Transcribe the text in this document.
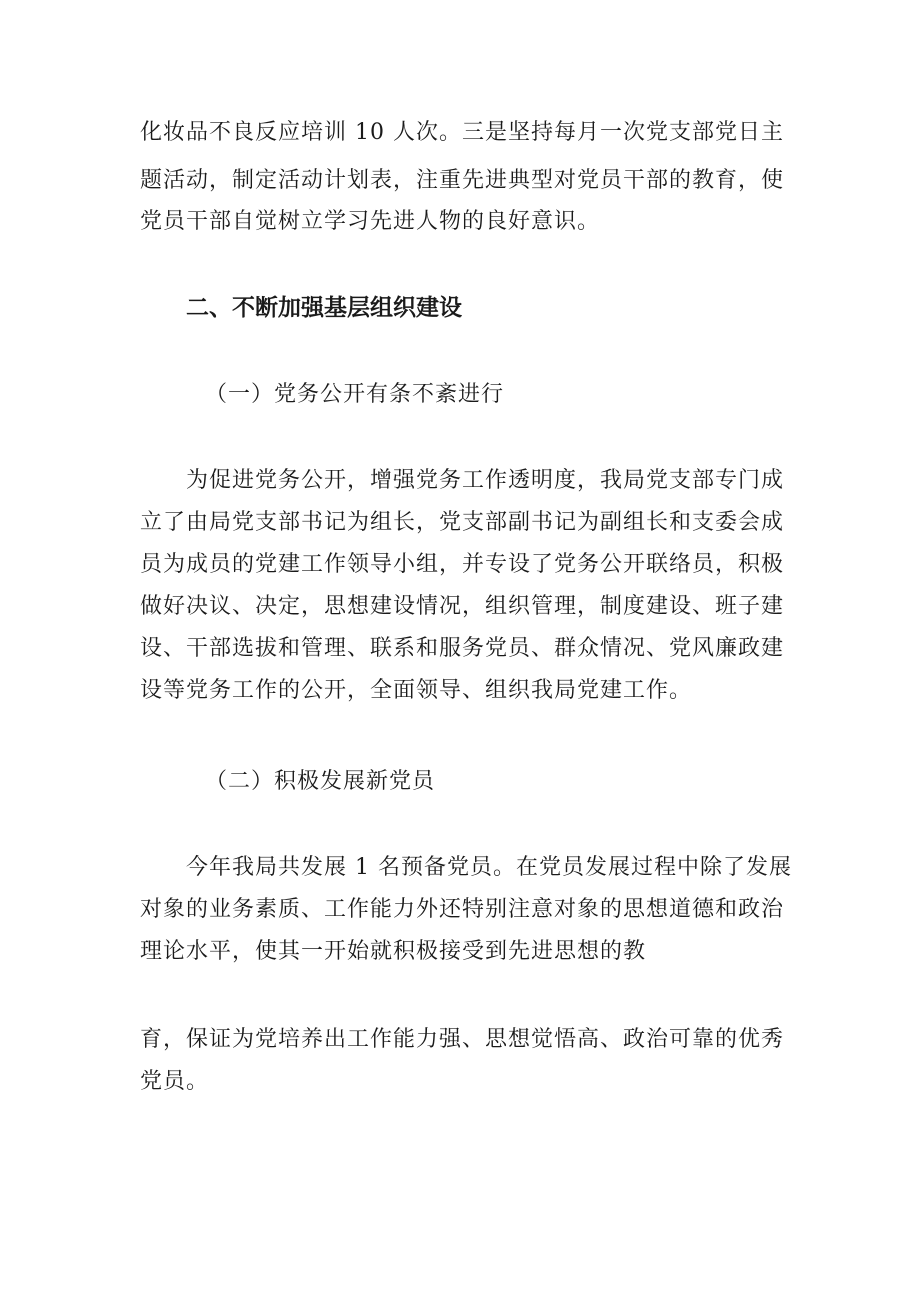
化妆品不良反应培训 10 人次。三是坚持每月一次党支部党日主
题活动，制定活动计划表，注重先进典型对党员干部的教育，使
党员干部自觉树立学习先进人物的良好意识。
二、不断加强基层组织建设
（一）党务公开有条不紊进行
为促进党务公开，增强党务工作透明度，我局党支部专门成
立了由局党支部书记为组长，党支部副书记为副组长和支委会成
员为成员的党建工作领导小组，并专设了党务公开联络员，积极
做好决议、决定，思想建设情况，组织管理，制度建设、班子建
设、干部选拔和管理、联系和服务党员、群众情况、党风廉政建
设等党务工作的公开，全面领导、组织我局党建工作。
（二）积极发展新党员
今年我局共发展 1 名预备党员。在党员发展过程中除了发展
对象的业务素质、工作能力外还特别注意对象的思想道德和政治
理论水平，使其一开始就积极接受到先进思想的教
育，保证为党培养出工作能力强、思想觉悟高、政治可靠的优秀
党员。
